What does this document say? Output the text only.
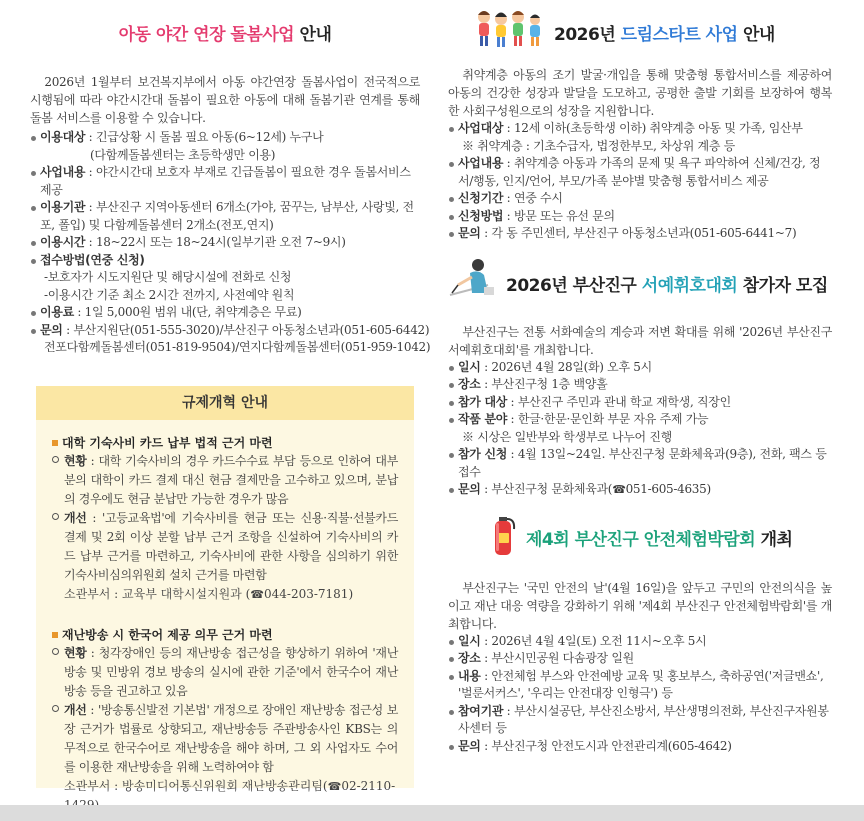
아동 야간 연장 돌봄사업 안내

2026년 1월부터 보건복지부에서 아동 야간연장 돌봄사업이 전국적으로 시행됨에 따라 야간시간대 돌봄이 필요한 아동에 대해 돌봄기관 연계를 통해 돌봄 서비스를 이용할 수 있습니다.

이용대상 : 긴급상황 시 돌봄 필요 아동(6~12세) 누구나
(다함께돌봄센터는 초등학생만 이용)
사업내용 : 야간시간대 보호자 부재로 긴급돌봄이 필요한 경우 돌봄서비스 제공
이용기관 : 부산진구 지역아동센터 6개소(가야, 꿈꾸는, 남부산, 사랑빛, 전포, 폴입) 및 다함께돌봄센터 2개소(전포,연지)
이용시간 : 18~22시 또는 18~24시(일부기관 오전 7~9시)
접수방법(연중 신청)
-보호자가 시도지원단 및 해당시설에 전화로 신청
-이용시간 기준 최소 2시간 전까지, 사전예약 원칙
이용료 : 1일 5,000원 범위 내(단, 취약계층은 무료)
문의 : 부산지원단(051-555-3020)/부산진구 아동청소년과(051-605-6442)
전포다함께돌봄센터(051-819-9504)/연지다함께돌봄센터(051-959-1042)
규제개혁 안내
대학 기숙사비 카드 납부 법적 근거 마련
현황 : 대학 기숙사비의 경우 카드수수료 부담 등으로 인하여 대부분의 대학이 카드 결제 대신 현금 결제만을 고수하고 있으며, 분납의 경우에도 현금 분납만 가능한 경우가 많음
개선 : '고등교육법'에 기숙사비를 현금 또는 신용·직불·선불카드 결제 및 2회 이상 분할 납부 근거 조항을 신설하여 기숙사비의 카드 납부 근거를 마련하고, 기숙사비에 관한 사항을 심의하기 위한 기숙사비심의위원회 설치 근거를 마련함
소관부서 : 교육부 대학시설지원과 (☎044-203-7181)
재난방송 시 한국어 제공 의무 근거 마련
현황 : 청각장애인 등의 재난방송 접근성을 향상하기 위하여 '재난방송 및 민방위 경보 방송의 실시에 관한 기준'에서 한국수어 재난방송 등을 권고하고 있음
개선 : '방송통신발전 기본법' 개정으로 장애인 재난방송 접근성 보장 근거가 법률로 상향되고, 재난방송등 주관방송사인 KBS는 의무적으로 한국수어로 재난방송을 해야 하며, 그 외 사업자도 수어를 이용한 재난방송을 위해 노력하여야 함
소관부서 : 방송미디어통신위원회 재난방송관리팀(☎02-2110-
2026년 드림스타트 사업 안내

취약계층 아동의 조기 발굴·개입을 통해 맞춤형 통합서비스를 제공하여 아동의 건강한 성장과 발달을 도모하고, 공평한 출발 기회를 보장하여 행복한 사회구성원으로의 성장을 지원합니다.

사업대상 : 12세 이하(초등학생 이하) 취약계층 아동 및 가족, 임산부
※ 취약계층 : 기초수급자, 법정한부모, 차상위 계층 등
사업내용 : 취약계층 아동과 가족의 문제 및 욕구 파악하여 신체/건강, 정서/행동, 인지/언어, 부모/가족 분야별 맞춤형 통합서비스 제공
신청기간 : 연중 수시
신청방법 : 방문 또는 유선 문의
문의 : 각 동 주민센터, 부산진구 아동청소년과(051-605-6441~7)
2026년 부산진구 서예휘호대회 참가자 모집

부산진구는 전통 서화예술의 계승과 저변 확대를 위해 '2026년 부산진구 서예휘호대회'를 개최합니다.

일시 : 2026년 4월 28일(화) 오후 5시
장소 : 부산진구청 1층 백양홀
참가 대상 : 부산진구 주민과 관내 학교 재학생, 직장인
작품 분야 : 한글·한문·문인화 부문 자유 주제 가능
※ 시상은 일반부와 학생부로 나누어 진행
참가 신청 : 4월 13일~24일. 부산진구청 문화체육과(9층), 전화, 팩스 등 접수
문의 : 부산진구청 문화체육과(☎051-605-4635)
제4회 부산진구 안전체험박람회 개최

부산진구는 '국민 안전의 날'(4월 16일)을 앞두고 구민의 안전의식을 높이고 재난 대응 역량을 강화하기 위해 '제4회 부산진구 안전체험박람회'를 개최합니다.

일시 : 2026년 4월 4일(토) 오전 11시~오후 5시
장소 : 부산시민공원 다솜광장 일원
내용 : 안전체험 부스와 안전예방 교육 및 홍보부스, 축하공연('저글맨쇼', '벌룬서커스', '우리는 안전대장 인형극') 등
참여기관 : 부산시설공단, 부산진소방서, 부산생명의전화, 부산진구자원봉사센터 등
문의 : 부산진구청 안전도시과 안전관리계(605-4642)
